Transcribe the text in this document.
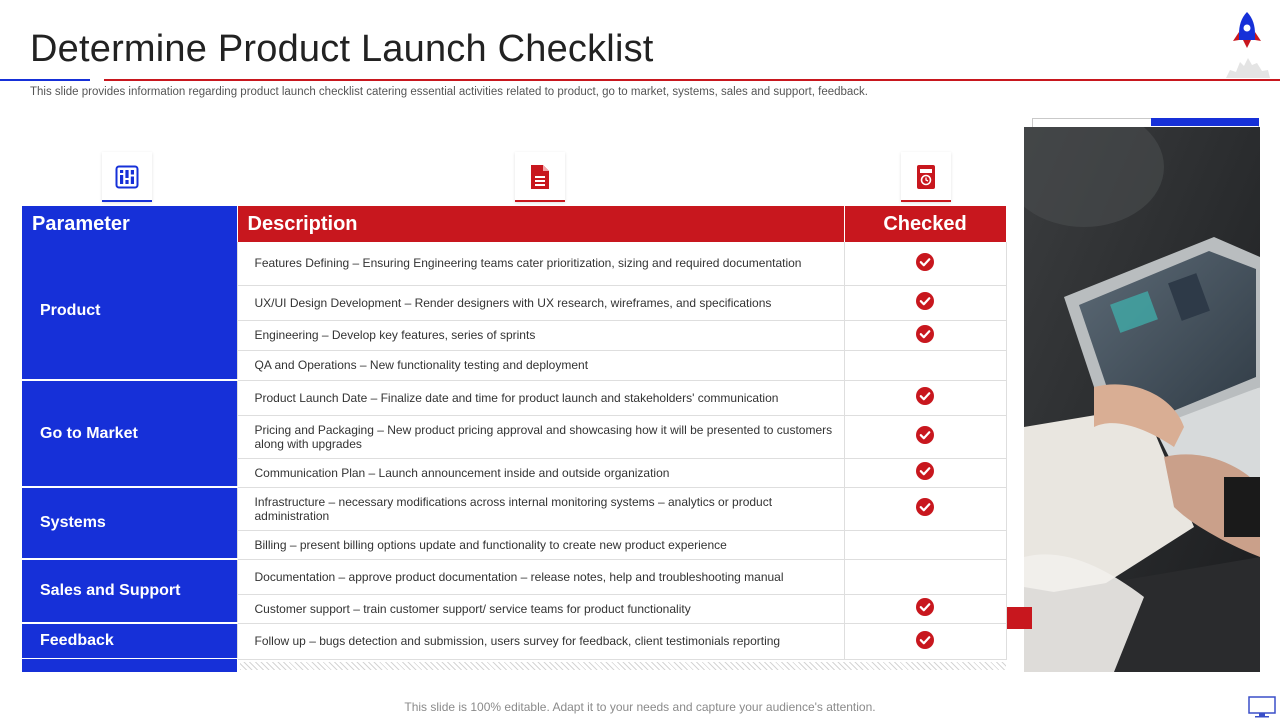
Determine Product Launch Checklist
This slide provides information regarding product launch checklist catering essential activities related to product, go to market, systems, sales and support, feedback.
Parameter	Description	Checked
Product	Features Defining – Ensuring Engineering teams cater prioritization, sizing and required documentation	
	UX/UI Design Development – Render designers with UX research, wireframes, and specifications	
	Engineering – Develop key features, series of sprints	
	QA and Operations – New functionality testing and deployment	
Go to Market	Product Launch Date – Finalize date and time for product launch and stakeholders' communication	
	Pricing and Packaging – New product pricing approval and showcasing how it will be presented to customers along with upgrades	
	Communication Plan – Launch announcement inside and outside organization	
Systems	Infrastructure – necessary modifications across internal monitoring systems – analytics or product administration	
	Billing – present billing options update and functionality to create new product experience	
Sales and Support	Documentation – approve product documentation – release notes, help and troubleshooting manual	
	Customer support – train customer support/ service teams for product functionality	
Feedback	Follow up – bugs detection and submission, users survey for feedback, client testimonials reporting	
This slide is 100% editable. Adapt it to your needs and capture your audience's attention.
